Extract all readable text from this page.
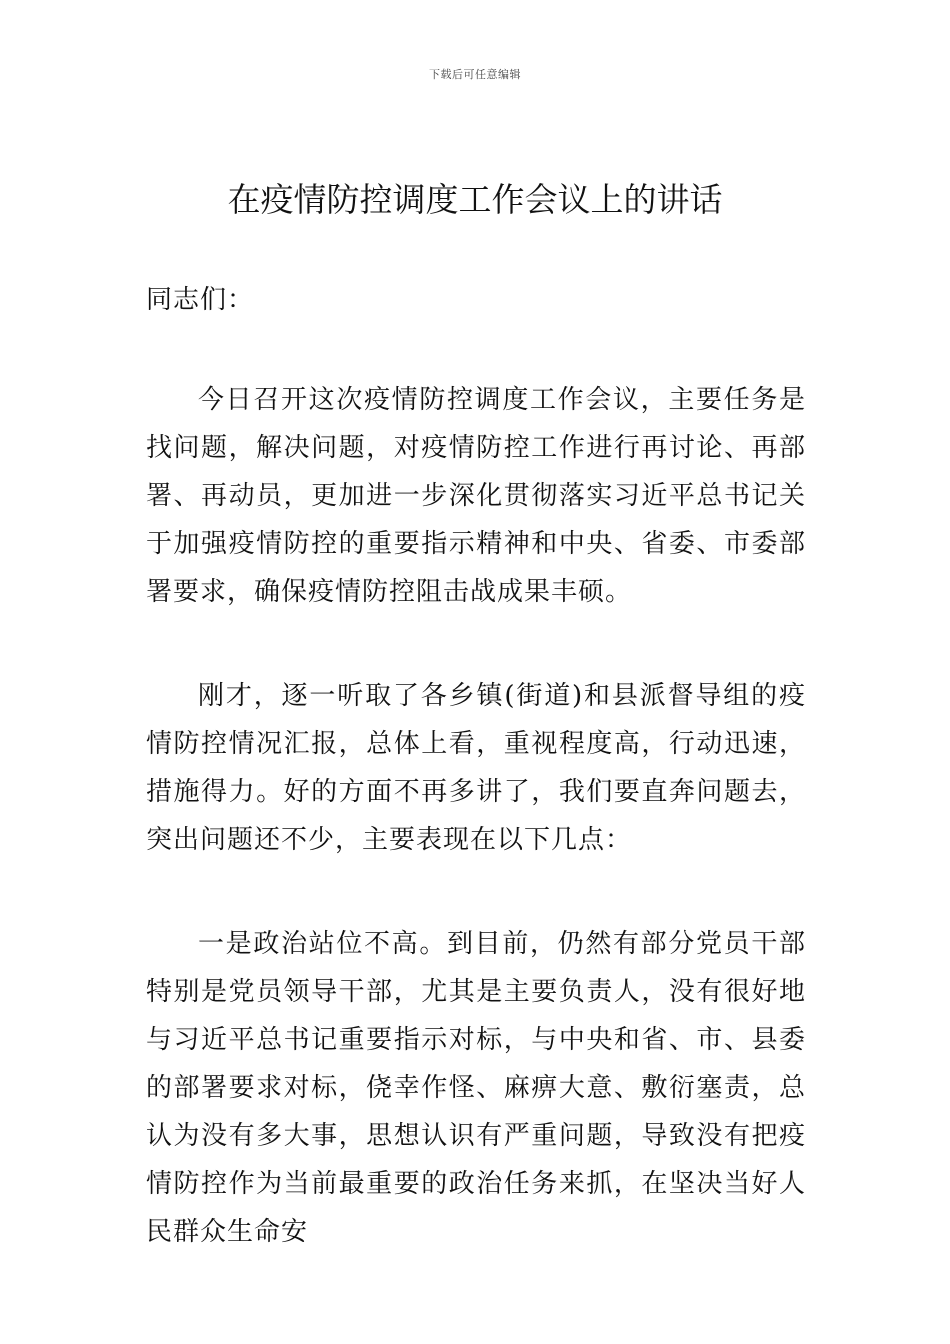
下载后可任意编辑
在疫情防控调度工作会议上的讲话
同志们：

今日召开这次疫情防控调度工作会议，主要任务是找问题，解决问题，对疫情防控工作进行再讨论、再部署、再动员，更加进一步深化贯彻落实习近平总书记关于加强疫情防控的重要指示精神和中央、省委、市委部署要求，确保疫情防控阻击战成果丰硕。

刚才，逐一听取了各乡镇(街道)和县派督导组的疫情防控情况汇报，总体上看，重视程度高，行动迅速，措施得力。好的方面不再多讲了，我们要直奔问题去，突出问题还不少，主要表现在以下几点：

一是政治站位不高。到目前，仍然有部分党员干部特别是党员领导干部，尤其是主要负责人，没有很好地与习近平总书记重要指示对标，与中央和省、市、县委的部署要求对标，侥幸作怪、麻痹大意、敷衍塞责，总认为没有多大事，思想认识有严重问题，导致没有把疫情防控作为当前最重要的政治任务来抓，在坚决当好人民群众生命安
